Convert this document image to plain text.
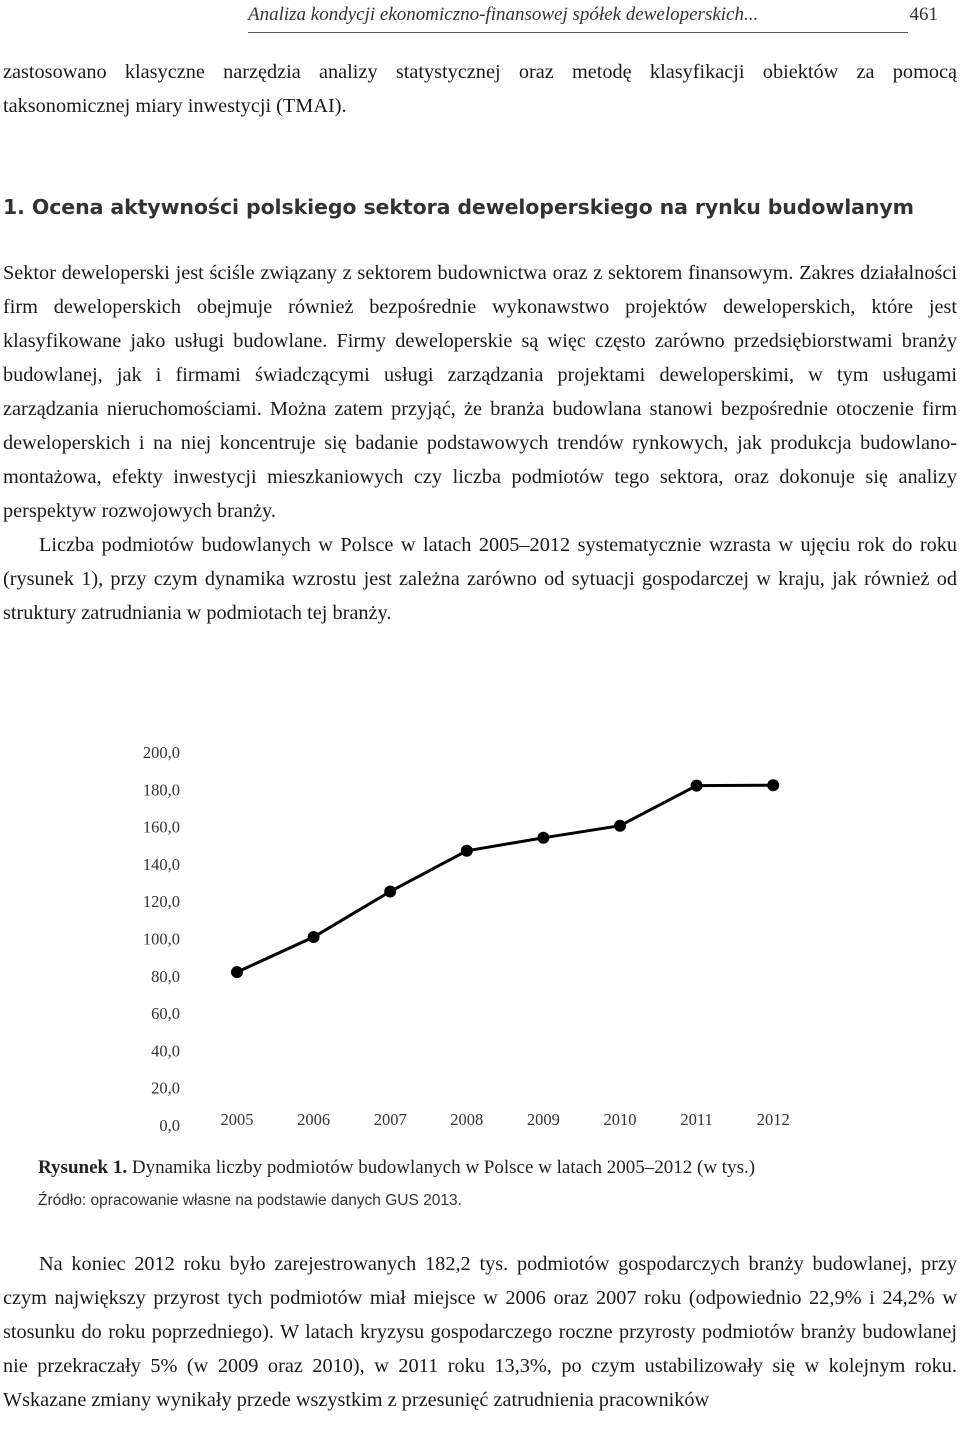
Analiza kondycji ekonomiczno-finansowej spółek deweloperskich...	461

zastosowano klasyczne narzędzia analizy statystycznej oraz metodę klasyfikacji obiektów za pomocą taksonomicznej miary inwestycji (TMAI).

1. Ocena aktywności polskiego sektora deweloperskiego na rynku budowlanym

Sektor deweloperski jest ściśle związany z sektorem budownictwa oraz z sektorem finansowym. Zakres działalności firm deweloperskich obejmuje również bezpośrednie wykonawstwo projektów deweloperskich, które jest klasyfikowane jako usługi budowlane. Firmy deweloperskie są więc często zarówno przedsiębiorstwami branży budowlanej, jak i firmami świadczącymi usługi zarządzania projektami deweloperskimi, w tym usługami zarządzania nieruchomościami. Można zatem przyjąć, że branża budowlana stanowi bezpośrednie otoczenie firm deweloperskich i na niej koncentruje się badanie podstawowych trendów rynkowych, jak produkcja budowlano-montażowa, efekty inwestycji mieszkaniowych czy liczba podmiotów tego sektora, oraz dokonuje się analizy perspektyw rozwojowych branży.
Liczba podmiotów budowlanych w Polsce w latach 2005–2012 systematycznie wzrasta w ujęciu rok do roku (rysunek 1), przy czym dynamika wzrostu jest zależna zarówno od sytuacji gospodarczej w kraju, jak również od struktury zatrudniania w podmiotach tej branży.

0,0
20,0
40,0
60,0
80,0
100,0
120,0
140,0
160,0
180,0
200,0
2005	2006	2007	2008	2009	2010	2011	2012
Rysunek 1. Dynamika liczby podmiotów budowlanych w Polsce w latach 2005–2012 (w tys.)
Źródło: opracowanie własne na podstawie danych GUS 2013.

Na koniec 2012 roku było zarejestrowanych 182,2 tys. podmiotów gospodarczych branży budowlanej, przy czym największy przyrost tych podmiotów miał miejsce w 2006 oraz 2007 roku (odpowiednio 22,9% i 24,2% w stosunku do roku poprzedniego). W latach kryzysu gospodarczego roczne przyrosty podmiotów branży budowlanej nie przekraczały 5% (w 2009 oraz 2010), w 2011 roku 13,3%, po czym ustabilizowały się w kolejnym roku. Wskazane zmiany wynikały przede wszystkim z przesunięć zatrudnienia pracowników
